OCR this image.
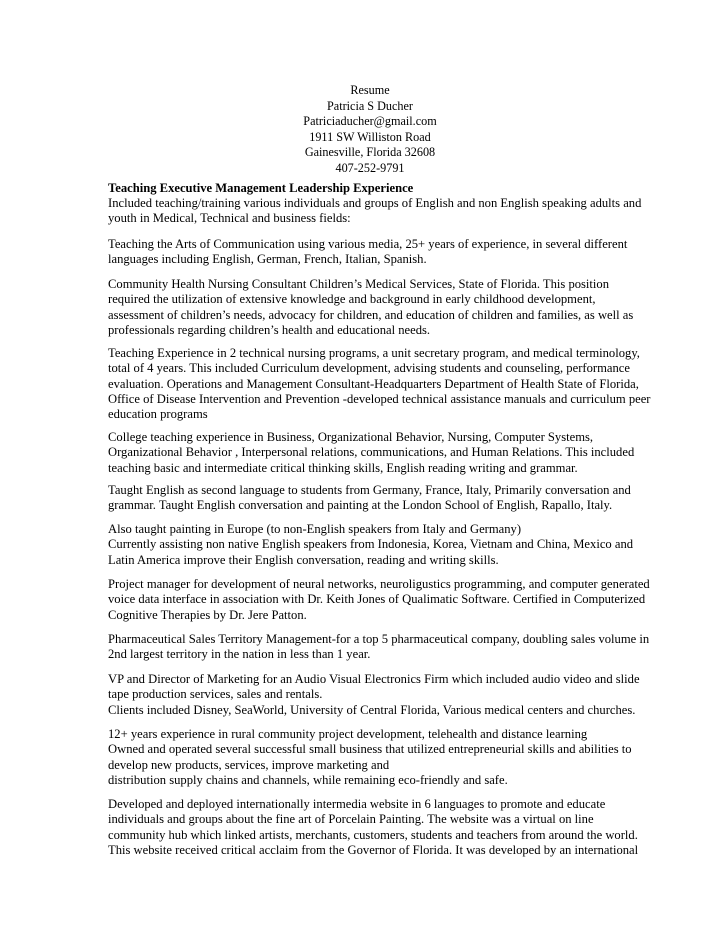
Resume
Patricia S Ducher
Patriciaducher@gmail.com
1911 SW Williston Road
Gainesville, Florida 32608
407-252-9791
Teaching Executive Management Leadership Experience
Included teaching/training various individuals and groups of English and non English speaking adults and
youth in Medical, Technical and business fields:
Teaching the Arts of Communication using various media, 25+ years of experience, in several different
languages including English, German, French, Italian, Spanish.
Community Health Nursing Consultant Children’s Medical Services, State of Florida. This position
required the utilization of extensive knowledge and background in early childhood development,
assessment of children’s needs, advocacy for children, and education of children and families, as well as
professionals regarding children’s health and educational needs.
Teaching Experience in 2 technical nursing programs, a unit secretary program, and medical terminology,
total of 4 years. This included Curriculum development, advising students and counseling, performance
evaluation. Operations and Management Consultant-Headquarters Department of Health State of Florida,
Office of Disease Intervention and Prevention -developed technical assistance manuals and curriculum peer
education programs
College teaching experience in Business, Organizational Behavior, Nursing, Computer Systems,
Organizational Behavior , Interpersonal relations, communications, and Human Relations. This included
teaching basic and intermediate critical thinking skills, English reading writing and grammar.
Taught English as second language to students from Germany, France, Italy, Primarily conversation and
grammar. Taught English conversation and painting at the London School of English, Rapallo, Italy.
Also taught painting in Europe (to non-English speakers from Italy and Germany)
Currently assisting non native English speakers from Indonesia, Korea, Vietnam and China, Mexico and
Latin America improve their English conversation, reading and writing skills.
Project manager for development of neural networks, neuroligustics programming, and computer generated
voice data interface in association with Dr. Keith Jones of Qualimatic Software. Certified in Computerized
Cognitive Therapies by Dr. Jere Patton.
Pharmaceutical Sales Territory Management-for a top 5 pharmaceutical company, doubling sales volume in
2nd largest territory in the nation in less than 1 year.
VP and Director of Marketing for an Audio Visual Electronics Firm which included audio video and slide
tape production services, sales and rentals.
Clients included Disney, SeaWorld, University of Central Florida, Various medical centers and churches.
12+ years experience in rural community project development, telehealth and distance learning
Owned and operated several successful small business that utilized entrepreneurial skills and abilities to
develop new products, services, improve marketing and
distribution supply chains and channels, while remaining eco-friendly and safe.
Developed and deployed internationally intermedia website in 6 languages to promote and educate
individuals and groups about the fine art of Porcelain Painting. The website was a virtual on line
community hub which linked artists, merchants, customers, students and teachers from around the world.
This website received critical acclaim from the Governor of Florida. It was developed by an international
